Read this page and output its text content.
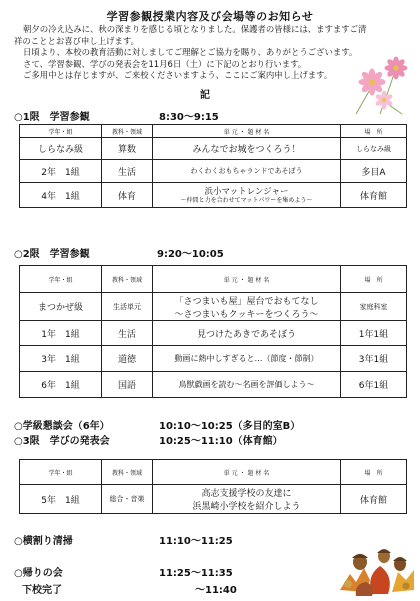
学習参観授業内容及び会場等のお知らせ

朝夕の冷え込みに、秋の深まりを感じる頃となりました。保護者の皆様には、ますますご清

祥のこととお喜び申し上げます。

日頃より、本校の教育活動に対しましてご理解とご協力を賜り、ありがとうございます。

さて、学習参観、学びの発表会を11月6日（土）に下記のとおり行います。

ご多用中とは存じますが、ご来校くださいますよう、ここにご案内申し上げます。

記
○1限　学習参観	8:30～9:15
学年・組	教科・領域	単 元 ・ 題 材 名	場　所
しらなみ級	算数	みんなでお城をつくろう！	しらなみ級
2年　1組	生活	わくわくおもちゃランドであそぼう	多目A
4年　1組	体育	浜小マットレンジャー
～仲間と力を合わせてマットパワーを集めよう～	体育館
○2限　学習参観	9:20～10:05
学年・組	教科・領域	単 元 ・ 題 材 名	場　所
まつかぜ級	生活単元	「さつまいも屋」屋台でおもてなし
～さつまいもクッキーをつくろう～	家庭科室
1年　1組	生活	見つけたあきであそぼう	1年1組
3年　1組	道徳	動画に熱中しすぎると…（節度・節制）	3年1組
6年　1組	国語	鳥獣戯画を読む～名画を評価しよう～	6年1組
○学級懇談会（6年）	10:10～10:25（多目的室B）
○3限　学びの発表会	10:25～11:10（体育館）
学年・組	教科・領域	単 元 ・ 題 材 名	場　所
5年　1組	総合・音楽	高志支援学校の友達に
浜黒崎小学校を紹介しよう	体育館
○横割り清掃	11:10～11:25
○帰りの会	11:25～11:35
下校完了	～11:40
